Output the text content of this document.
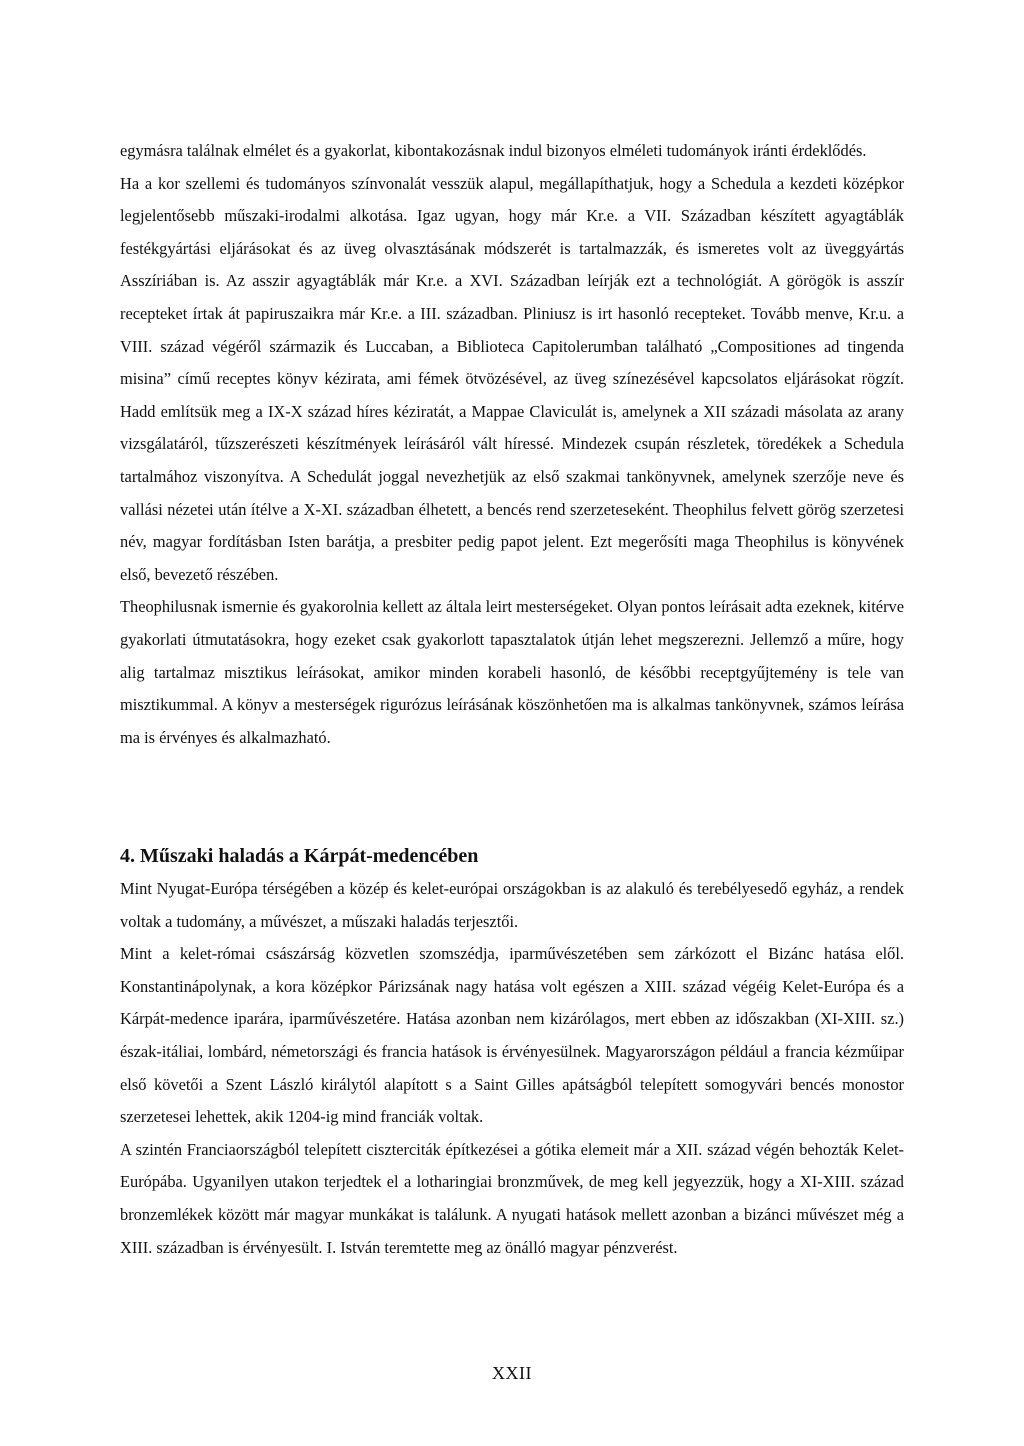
egymásra találnak elmélet és a gyakorlat, kibontakozásnak indul bizonyos elméleti tudományok iránti érdeklődés.

Ha a kor szellemi és tudományos színvonalát vesszük alapul, megállapíthatjuk, hogy a Schedula a kezdeti középkor legjelentősebb műszaki-irodalmi alkotása. Igaz ugyan, hogy már Kr.e. a VII. Században készített agyagtáblák festékgyártási eljárásokat és az üveg olvasztásának módszerét is tartalmazzák, és ismeretes volt az üveggyártás Asszíriában is. Az asszir agyagtáblák már Kr.e. a XVI. Században leírják ezt a technológiát. A görögök is asszír recepteket írtak át papiruszaikra már Kr.e. a III. században. Pliniusz is irt hasonló recepteket. Tovább menve, Kr.u. a VIII. század végéről származik és Luccaban, a Biblioteca Capitolerumban található „Compositiones ad tingenda misina” című receptes könyv kézirata, ami fémek ötvözésével, az üveg színezésével kapcsolatos eljárásokat rögzít. Hadd említsük meg a IX-X század híres kéziratát, a Mappae Claviculát is, amelynek a XII századi másolata az arany vizsgálatáról, tűzszerészeti készítmények leírásáról vált híressé. Mindezek csupán részletek, töredékek a Schedula tartalmához viszonyítva. A Schedulát joggal nevezhetjük az első szakmai tankönyvnek, amelynek szerzője neve és vallási nézetei után ítélve a X-XI. században élhetett, a bencés rend szerzeteseként. Theophilus felvett görög szerzetesi név, magyar fordításban Isten barátja, a presbiter pedig papot jelent. Ezt megerősíti maga Theophilus is könyvének első, bevezető részében.

Theophilusnak ismernie és gyakorolnia kellett az általa leirt mesterségeket. Olyan pontos leírásait adta ezeknek, kitérve gyakorlati útmutatásokra, hogy ezeket csak gyakorlott tapasztalatok útján lehet megszerezni. Jellemző a műre, hogy alig tartalmaz misztikus leírásokat, amikor minden korabeli hasonló, de későbbi receptgyűjtemény is tele van misztikummal. A könyv a mesterségek rigurózus leírásának köszönhetően ma is alkalmas tankönyvnek, számos leírása ma is érvényes és alkalmazható.

4. Műszaki haladás a Kárpát-medencében

Mint Nyugat-Európa térségében a közép és kelet-európai országokban is az alakuló és terebélyesedő egyház, a rendek voltak a tudomány, a művészet, a műszaki haladás terjesztői.

Mint a kelet-római császárság közvetlen szomszédja, iparművészetében sem zárkózott el Bizánc hatása elől. Konstantinápolynak, a kora középkor Párizsának nagy hatása volt egészen a XIII. század végéig Kelet-Európa és a Kárpát-medence iparára, iparművészetére. Hatása azonban nem kizárólagos, mert ebben az időszakban (XI-XIII. sz.) észak-itáliai, lombárd, németországi és francia hatások is érvényesülnek. Magyarországon például a francia kézműipar első követői a Szent László királytól alapított s a Saint Gilles apátságból telepített somogyvári bencés monostor szerzetesei lehettek, akik 1204-ig mind franciák voltak.

A szintén Franciaországból telepített ciszterciták építkezései a gótika elemeit már a XII. század végén behozták Kelet-Európába. Ugyanilyen utakon terjedtek el a lotharingiai bronzművek, de meg kell jegyezzük, hogy a XI-XIII. század bronzemlékek között már magyar munkákat is találunk. A nyugati hatások mellett azonban a bizánci művészet még a XIII. században is érvényesült. I. István teremtette meg az önálló magyar pénzverést.

XXII
